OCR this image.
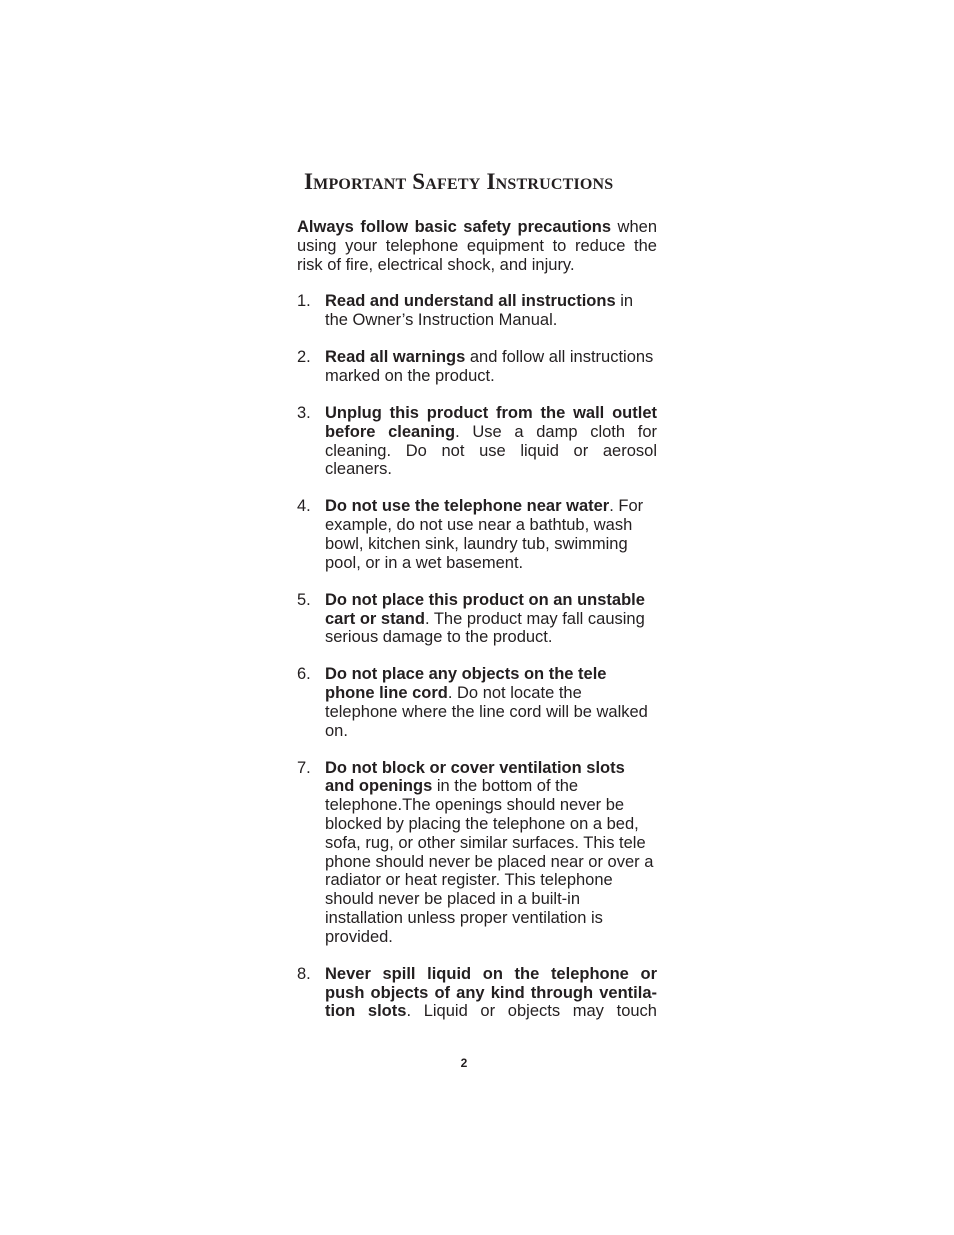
Important Safety Instructions

Always follow basic safety precautions when using your telephone equipment to reduce the risk of fire, electrical shock, and injury.

1. Read and understand all instructions in the Owner’s Instruction Manual.
2. Read all warnings and follow all instructions marked on the product.
3. Unplug this product from the wall outlet before cleaning. Use a damp cloth for cleaning. Do not use liquid or aerosol cleaners.
4. Do not use the telephone near water. For example, do not use near a bathtub, wash bowl, kitchen sink, laundry tub, swimming pool, or in a wet basement.
5. Do not place this product on an unstable cart or stand. The product may fall causing serious damage to the product.
6. Do not place any objects on the tele phone line cord. Do not locate the telephone where the line cord will be walked on.
7. Do not block or cover ventilation slots and openings in the bottom of the telephone.The openings should never be blocked by placing the telephone on a bed, sofa, rug, or other similar surfaces. This tele phone should never be placed near or over a radiator or heat register. This telephone should never be placed in a built-in installation unless proper ventilation is provided.
8. Never spill liquid on the telephone or push objects of any kind through ventila- tion slots. Liquid or objects may touch

2
